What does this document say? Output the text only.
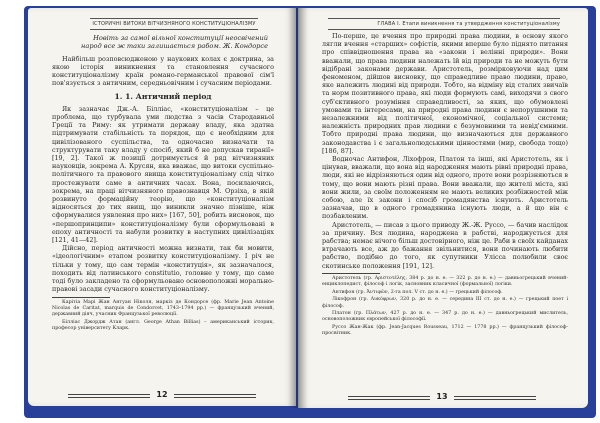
ІСТОРИЧНІ ВИТОКИ ВІТЧИЗНЯНОГО КОНСТИТУЦІОНАЛІЗМУ
Новіть за самої вільної конституції неосвічений народ все ж таки залишається рабом. Ж. Кондорсе

Найбільш розповсюдженою у наукових колах є доктрина, за якою історія виникнення та становлення сучасного конституціоналізму країн романо-германської правової сім'ї пов'язується з античним, середньовічним і сучасним періодами.

1. 1. Античний період

Як зазначає Дж.-А. Білліас, «конституціоналізм – це проблема, що турбувала уми людства з часів Стародавньої Греції та Риму: як утримати державу владу, яка здатна підтримувати стабільність та порядок, що є необхідним для цивілізованого суспільства, та одночасно визначати та структурувати таку владу у спосіб, який б не допускав тиранії» [19, 2]. Такої ж позиції дотримується й ряд вітчизняних науковців, зокрема А. Крусян, яка вважає, що витоки суспільно-політичного та правового явища конституціоналізму слід чітко простежувати саме в античних часах. Вона, посилаючись, зокрема, на праці вітчизняного правознавця М. Орзіха, в якій розвинуто формаційну теорію, що «конституціоналізм відносяться до тих явищ, що виникли значно пізніше, ніж сформувалися уявлення про них» [167, 50], робить висновок, що «першопринципи» конституціоналізму були сформульовані в епоху античності та набули розвитку в наступних цивілізаціях [121, 41—42].

Дійсно, період античності можна визнати, так би мовити, «ідеологічним» етапом розвитку конституціоналізму. І річ не тільки у тому, що сам термін «конституція», як зазначалося, походить від латинського constitutio, головне у тому, що саме тоді було закладено та сформульовано основоположні морально-правові засади сучасного конституціоналізму.

Карітіа Марі Жан Антуан Ніколя, маркіз де Кондорсе (фр. Marie Jean Antoine Nicolas de Caritat, marquis de Condorcet, 1743–1794 рр.) — французький вчений, державний діяч, учасник Французької революції.
Білліас Джордж Атан (англ. George Athan Billias) – американський історик, професор університету Кларк.
12
ГЛАВА I. Етапи виникнення та утвердження конституціоналізму

По-перше, це вчення про природні права людини, в основу якого лягли вчення «старших» софістів, якими вперше було піднято питання про співвідношення права на «закони і велінні природи». Вони вважали, що права людини належать їй від природи та не можуть бути відібрані законами держави. Аристотель, розмірковуючи над цим феноменом, дійшов висновку, що справедливе право людини, право, яке належить людині від природи. Тобто, на відміну від сталих звичаїв та норм позитивного права, які люди формують самі, виходячи з свого суб'єктивного розуміння справедливості, за яких, що обумовлені умовами та інтересами, на природні права людини є непорушними та незалежними від політичної, економічної, соціальної системи; належність природних прав людини є безумовними та невід'ємними. Тобто природні права людини, що визначаються для державного законодавства і є загальнолюдськими цінностями (мир, свобода тощо) [186, 87].

Водночас Антифон, Ліхофрон, Платон та інші, які Аристотель, як і цінував, вважали, що вона від народження мають рівні природні права, люди, які не відрізняються один від одного, проте вони розрізняються в тому, що вони мають різні права. Вони вважали, що жителі міста, які вони жили, за своїм положенням не мають великих розбіжностей між собою, але їх закони і спосіб громадянства існують. Аристотель зазначав, що в одного громадянина існують люди, а й що він є позбавленим.

Аристотель, — писав з цього приводу Ж.-Ж. Руссо, — бачив наслідок за причину. Вся людина, народжена в рабстві, народжується для рабства; немає нічого більш достовірного, ніж це. Раби в своїх кайданах втрачають все, аж до бажання звільнитися, вони починають любити рабство, подібно до того, як супутники Улісса полюбили своє скотинське положення [191, 12].

Аристотель (гр. Αριστοτέλης, 384 р. до н. е. — 322 р. до н. е.) — давньогрецький вчений-енциклопедист, філософ і логік, засновник класичної (формальної) логіки.
Антифон (гр. Ἀντιφῶν, 2-га пол. V ст. до н. е.) — грецький філософ.
Лікофрон (гр. Λυκόφρων, 320 р. до н. е. — середина III ст. до н. е.) — грецький поет і філософ.
Платон (гр. Πλάτων, 427 р. до н. е. — 347 р. до н. е.) — давньогрецький мислитель, основоположник європейської філософії.
Руссо Жан-Жак (фр. Jean-Jacques Rousseau, 1712 — 1778 рр.) — французький філософ-просвітник.
13
